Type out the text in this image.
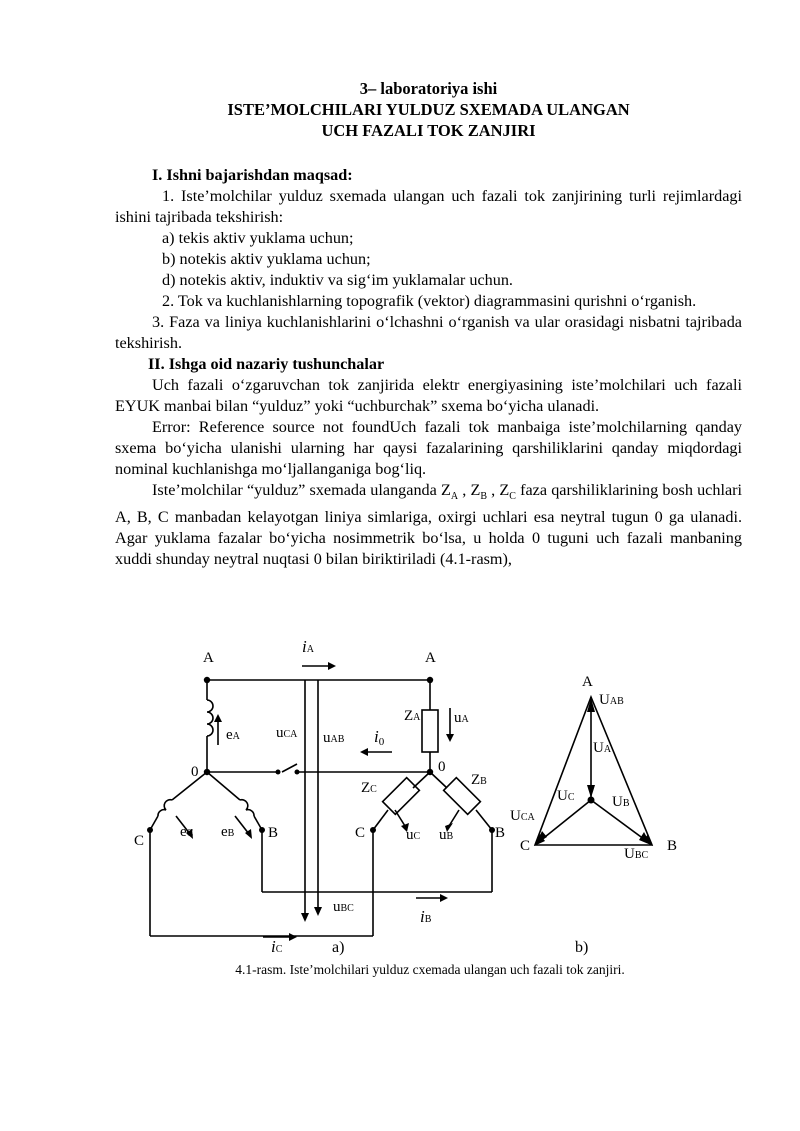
3– laboratoriya ishi
ISTE’MOLCHILARI YULDUZ SXEMADA ULANGAN
UCH FAZALI TOK ZANJIRI

I. Ishni bajarishdan maqsad:

1. Iste’molchilar yulduz sxemada ulangan uch fazali tok zanjirining turli rejimlardagi ishini tajribada tekshirish:

a) tekis aktiv yuklama uchun;

b) notekis aktiv yuklama uchun;

d) notekis aktiv, induktiv va sig‘im yuklamalar uchun.

2. Tok va kuchlanishlarning topografik (vektor) diagrammasini qurishni o‘rganish.

3. Faza va liniya kuchlanishlarini o‘lchashni o‘rganish va ular orasidagi nisbatni tajribada tekshirish.

II. Ishga oid nazariy tushunchalar

Uch fazali o‘zgaruvchan tok zanjirida elektr energiyasining iste’molchilari uch fazali EYUK manbai bilan “yulduz” yoki “uchburchak” sxema bo‘yicha ulanadi.

Error: Reference source not foundUch fazali tok manbaiga iste’molchilarning qanday sxema bo‘yicha ulanishi ularning har qaysi fazalarining qarshiliklarini qanday miqdordagi nominal kuchlanishga mo‘ljallanganiga bog‘liq.

Iste’molchilar “yulduz” sxemada ulanganda $Z_A$ , $Z_B$ , $Z_C$ faza qarshiliklarining bosh uchlari A, B, C manbadan kelayotgan liniya simlariga, oxirgi uchlari esa neytral tugun 0 ga ulanadi. Agar yuklama fazalar bo‘yicha nosimmetrik bo‘lsa, u holda 0 tuguni uch fazali manbaning xuddi shunday neytral nuqtasi 0 bilan biriktiriladi (4.1-rasm),

A	A
C	B	C	B
0	0
A
C	B
iA
i0
iB
iC
eA
eC eB
uCA uAB
uBC
uA
uC uB
ZA
ZC
ZB
UAB
UA
UC UB
UCA
UBC
a)	b)
4.1-rasm. Iste’molchilari yulduz cxemada ulangan uch fazali tok zanjiri.
